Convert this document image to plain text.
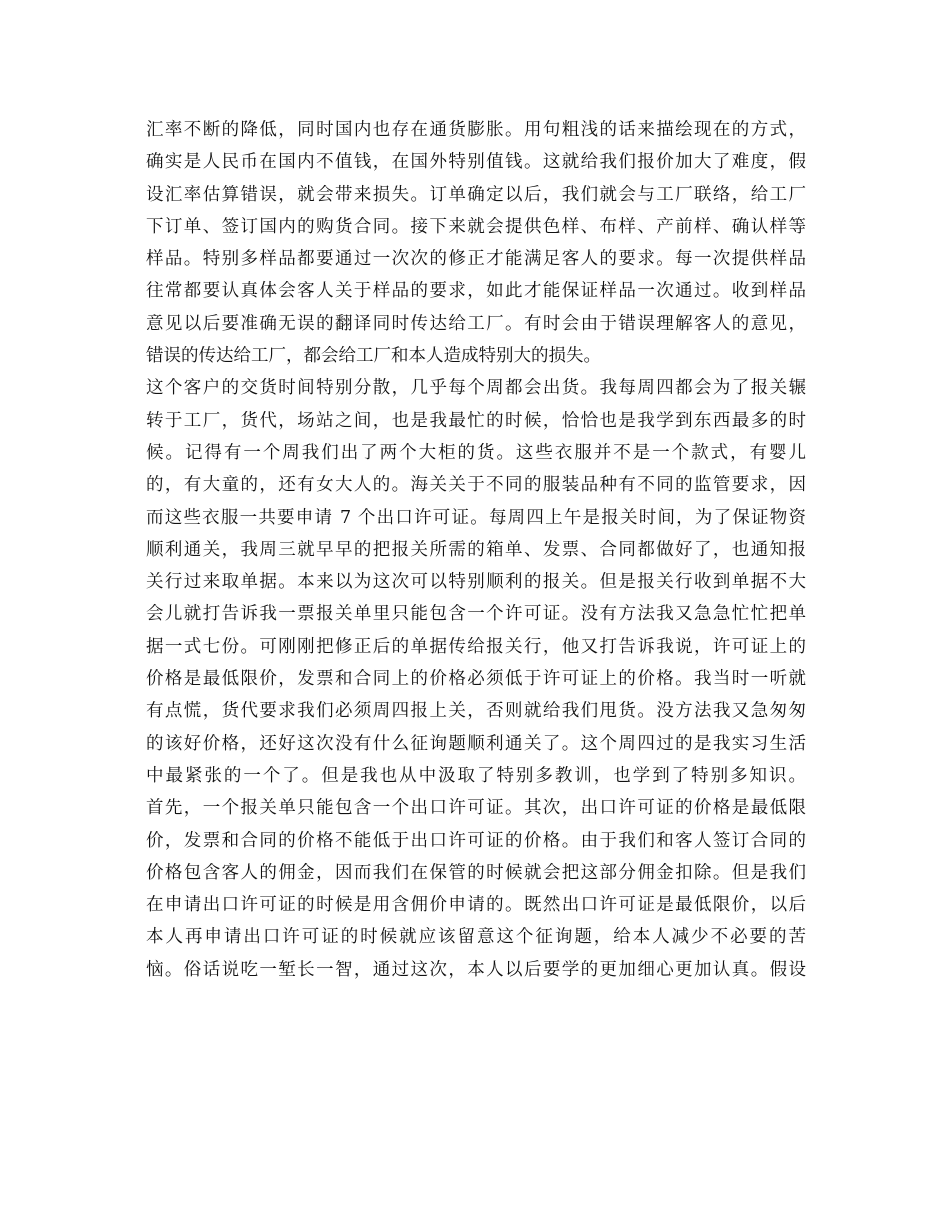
汇率不断的降低，同时国内也存在通货膨胀。用句粗浅的话来描绘现在的方式，
确实是人民币在国内不值钱，在国外特别值钱。这就给我们报价加大了难度，假
设汇率估算错误，就会带来损失。订单确定以后，我们就会与工厂联络，给工厂
下订单、签订国内的购货合同。接下来就会提供色样、布样、产前样、确认样等
样品。特别多样品都要通过一次次的修正才能满足客人的要求。每一次提供样品
往常都要认真体会客人关于样品的要求，如此才能保证样品一次通过。收到样品
意见以后要准确无误的翻译同时传达给工厂。有时会由于错误理解客人的意见，
错误的传达给工厂，都会给工厂和本人造成特别大的损失。
这个客户的交货时间特别分散，几乎每个周都会出货。我每周四都会为了报关辗
转于工厂，货代，场站之间，也是我最忙的时候，恰恰也是我学到东西最多的时
候。记得有一个周我们出了两个大柜的货。这些衣服并不是一个款式，有婴儿
的，有大童的，还有女大人的。海关关于不同的服装品种有不同的监管要求，因
而这些衣服一共要申请 7 个出口许可证。每周四上午是报关时间，为了保证物资
顺利通关，我周三就早早的把报关所需的箱单、发票、合同都做好了，也通知报
关行过来取单据。本来以为这次可以特别顺利的报关。但是报关行收到单据不大
会儿就打告诉我一票报关单里只能包含一个许可证。没有方法我又急急忙忙把单
据一式七份。可刚刚把修正后的单据传给报关行，他又打告诉我说，许可证上的
价格是最低限价，发票和合同上的价格必须低于许可证上的价格。我当时一听就
有点慌，货代要求我们必须周四报上关，否则就给我们甩货。没方法我又急匆匆
的该好价格，还好这次没有什么征询题顺利通关了。这个周四过的是我实习生活
中最紧张的一个了。但是我也从中汲取了特别多教训，也学到了特别多知识。
首先，一个报关单只能包含一个出口许可证。其次，出口许可证的价格是最低限
价，发票和合同的价格不能低于出口许可证的价格。由于我们和客人签订合同的
价格包含客人的佣金，因而我们在保管的时候就会把这部分佣金扣除。但是我们
在申请出口许可证的时候是用含佣价申请的。既然出口许可证是最低限价，以后
本人再申请出口许可证的时候就应该留意这个征询题，给本人减少不必要的苦
恼。俗话说吃一堑长一智，通过这次，本人以后要学的更加细心更加认真。假设
